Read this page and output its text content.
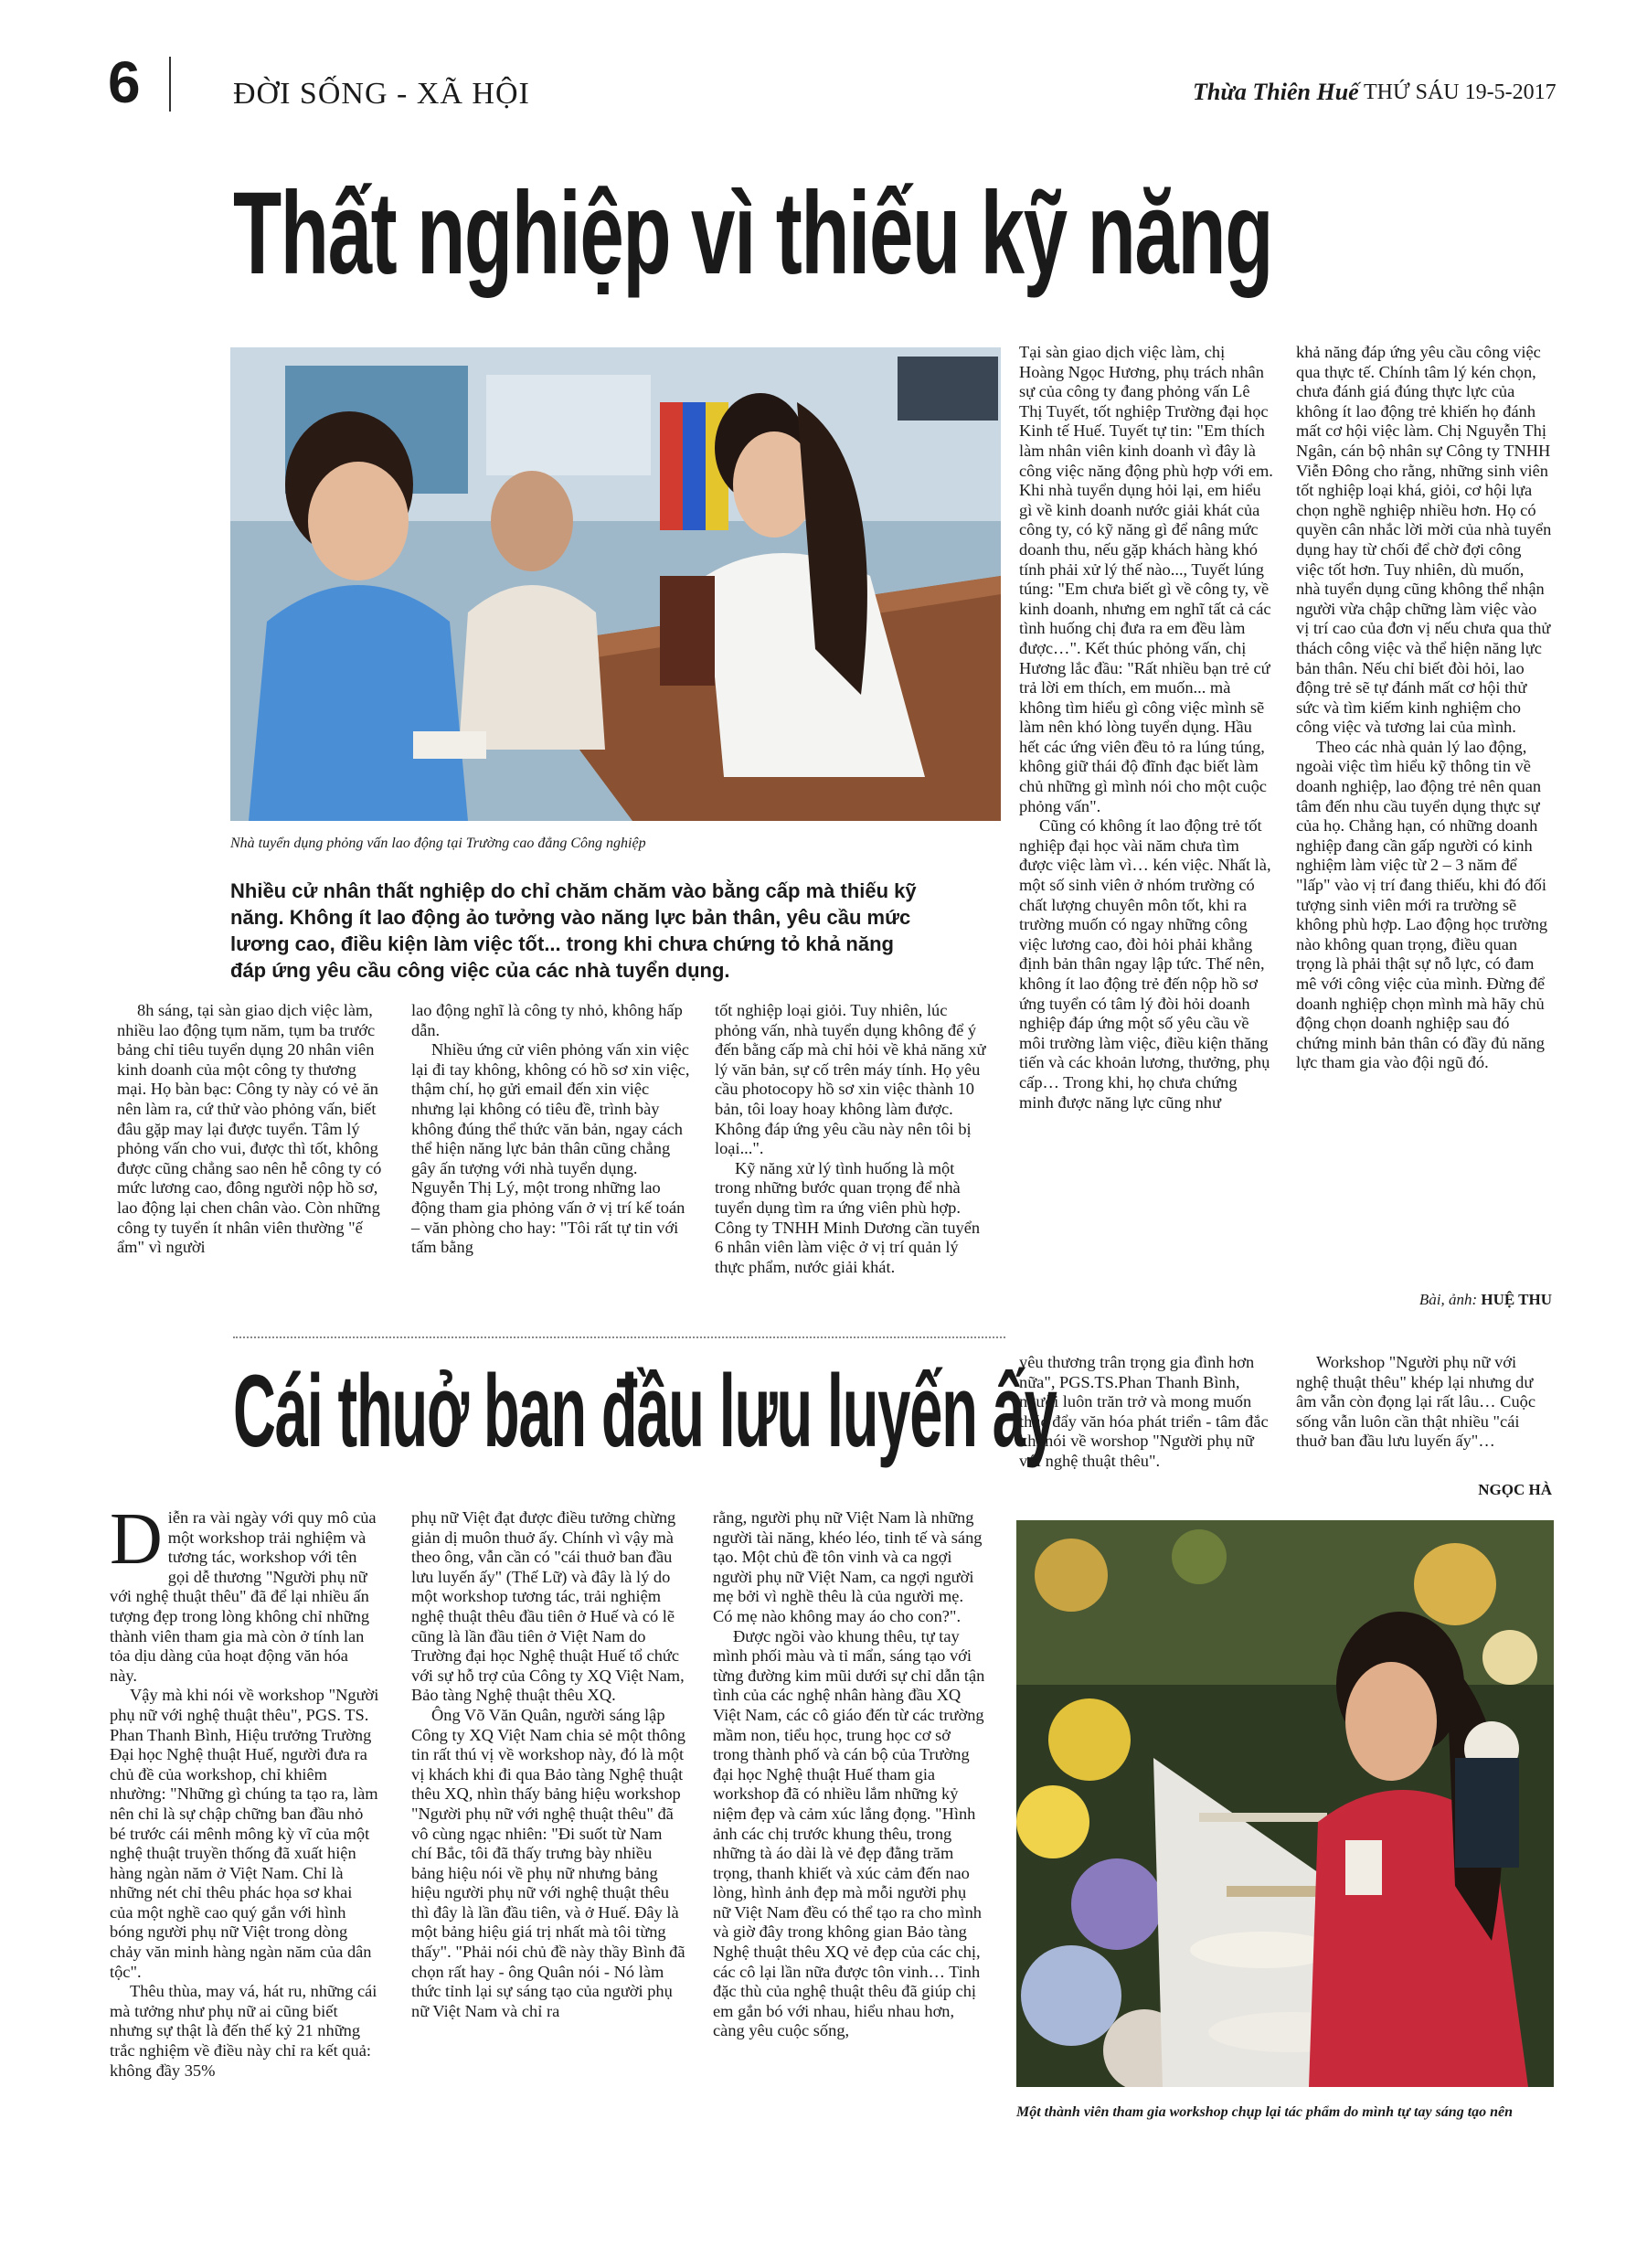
6	ĐỜI SỐNG - XÃ HỘI	Thừa Thiên Huế THỨ SÁU 19-5-2017
Thất nghiệp vì thiếu kỹ năng
Nhà tuyển dụng phỏng vấn lao động tại Trường cao đẳng Công nghiệp
Nhiều cử nhân thất nghiệp do chỉ chăm chăm vào bằng cấp mà thiếu kỹ năng. Không ít lao động ảo tưởng vào năng lực bản thân, yêu cầu mức lương cao, điều kiện làm việc tốt... trong khi chưa chứng tỏ khả năng đáp ứng yêu cầu công việc của các nhà tuyển dụng.

8h sáng, tại sàn giao dịch việc làm, nhiều lao động tụm năm, tụm ba trước bảng chỉ tiêu tuyển dụng 20 nhân viên kinh doanh của một công ty thương mại. Họ bàn bạc: Công ty này có vẻ ăn nên làm ra, cứ thử vào phỏng vấn, biết đâu gặp may lại được tuyển. Tâm lý phỏng vấn cho vui, được thì tốt, không được cũng chẳng sao nên hễ công ty có mức lương cao, đông người nộp hồ sơ, lao động lại chen chân vào. Còn những công ty tuyển ít nhân viên thường "ế ẩm" vì người

lao động nghĩ là công ty nhỏ, không hấp dẫn.

Nhiều ứng cử viên phỏng vấn xin việc lại đi tay không, không có hồ sơ xin việc, thậm chí, họ gửi email đến xin việc nhưng lại không có tiêu đề, trình bày không đúng thể thức văn bản, ngay cách thể hiện năng lực bản thân cũng chẳng gây ấn tượng với nhà tuyển dụng. Nguyễn Thị Lý, một trong những lao động tham gia phỏng vấn ở vị trí kế toán – văn phòng cho hay: "Tôi rất tự tin với tấm bằng

tốt nghiệp loại giỏi. Tuy nhiên, lúc phỏng vấn, nhà tuyển dụng không để ý đến bằng cấp mà chỉ hỏi về khả năng xử lý văn bản, sự cố trên máy tính. Họ yêu cầu photocopy hồ sơ xin việc thành 10 bản, tôi loay hoay không làm được. Không đáp ứng yêu cầu này nên tôi bị loại...".

Kỹ năng xử lý tình huống là một trong những bước quan trọng để nhà tuyển dụng tìm ra ứng viên phù hợp. Công ty TNHH Minh Dương cần tuyển 6 nhân viên làm việc ở vị trí quản lý thực phẩm, nước giải khát.

Tại sàn giao dịch việc làm, chị Hoàng Ngọc Hương, phụ trách nhân sự của công ty đang phỏng vấn Lê Thị Tuyết, tốt nghiệp Trường đại học Kinh tế Huế. Tuyết tự tin: "Em thích làm nhân viên kinh doanh vì đây là công việc năng động phù hợp với em. Khi nhà tuyển dụng hỏi lại, em hiểu gì về kinh doanh nước giải khát của công ty, có kỹ năng gì để nâng mức doanh thu, nếu gặp khách hàng khó tính phải xử lý thế nào..., Tuyết lúng túng: "Em chưa biết gì về công ty, về kinh doanh, nhưng em nghĩ tất cả các tình huống chị đưa ra em đều làm được…". Kết thúc phỏng vấn, chị Hương lắc đầu: "Rất nhiều bạn trẻ cứ trả lời em thích, em muốn... mà không tìm hiểu gì công việc mình sẽ làm nên khó lòng tuyển dụng. Hầu hết các ứng viên đều tỏ ra lúng túng, không giữ thái độ đĩnh đạc biết làm chủ những gì mình nói cho một cuộc phỏng vấn".

Cũng có không ít lao động trẻ tốt nghiệp đại học vài năm chưa tìm được việc làm vì… kén việc. Nhất là, một số sinh viên ở nhóm trường có chất lượng chuyên môn tốt, khi ra trường muốn có ngay những công việc lương cao, đòi hỏi phải khẳng định bản thân ngay lập tức. Thế nên, không ít lao động trẻ đến nộp hồ sơ ứng tuyển có tâm lý đòi hỏi doanh nghiệp đáp ứng một số yêu cầu về môi trường làm việc, điều kiện thăng tiến và các khoản lương, thưởng, phụ cấp… Trong khi, họ chưa chứng minh được năng lực cũng như

khả năng đáp ứng yêu cầu công việc qua thực tế. Chính tâm lý kén chọn, chưa đánh giá đúng thực lực của không ít lao động trẻ khiến họ đánh mất cơ hội việc làm. Chị Nguyễn Thị Ngân, cán bộ nhân sự Công ty TNHH Viễn Đông cho rằng, những sinh viên tốt nghiệp loại khá, giỏi, cơ hội lựa chọn nghề nghiệp nhiều hơn. Họ có quyền cân nhắc lời mời của nhà tuyển dụng hay từ chối để chờ đợi công việc tốt hơn. Tuy nhiên, dù muốn, nhà tuyển dụng cũng không thể nhận người vừa chập chững làm việc vào vị trí cao của đơn vị nếu chưa qua thử thách công việc và thể hiện năng lực bản thân. Nếu chỉ biết đòi hỏi, lao động trẻ sẽ tự đánh mất cơ hội thử sức và tìm kiếm kinh nghiệm cho công việc và tương lai của mình.

Theo các nhà quản lý lao động, ngoài việc tìm hiểu kỹ thông tin về doanh nghiệp, lao động trẻ nên quan tâm đến nhu cầu tuyển dụng thực sự của họ. Chẳng hạn, có những doanh nghiệp đang cần gấp người có kinh nghiệm làm việc từ 2 – 3 năm để "lấp" vào vị trí đang thiếu, khi đó đối tượng sinh viên mới ra trường sẽ không phù hợp. Lao động học trường nào không quan trọng, điều quan trọng là phải thật sự nỗ lực, có đam mê với công việc của mình. Đừng để doanh nghiệp chọn mình mà hãy chủ động chọn doanh nghiệp sau đó chứng minh bản thân có đầy đủ năng lực tham gia vào đội ngũ đó.

Bài, ảnh: HUỆ THU
Cái thuở ban đầu lưu luyến ấy

Diễn ra vài ngày với quy mô của một workshop trải nghiệm và tương tác, workshop với tên gọi dễ thương "Người phụ nữ với nghệ thuật thêu" đã để lại nhiều ấn tượng đẹp trong lòng không chỉ những thành viên tham gia mà còn ở tính lan tỏa dịu dàng của hoạt động văn hóa này.

Vậy mà khi nói về workshop "Người phụ nữ với nghệ thuật thêu", PGS. TS. Phan Thanh Bình, Hiệu trưởng Trường Đại học Nghệ thuật Huế, người đưa ra chủ đề của workshop, chỉ khiêm nhường: "Những gì chúng ta tạo ra, làm nên chỉ là sự chập chững ban đầu nhỏ bé trước cái mênh mông kỳ vĩ của một nghệ thuật truyền thống đã xuất hiện hàng ngàn năm ở Việt Nam. Chỉ là những nét chỉ thêu phác họa sơ khai của một nghề cao quý gắn với hình bóng người phụ nữ Việt trong dòng chảy văn minh hàng ngàn năm của dân tộc".

Thêu thùa, may vá, hát ru, những cái mà tưởng như phụ nữ ai cũng biết nhưng sự thật là đến thế kỷ 21 những trắc nghiệm về điều này chỉ ra kết quả: không đầy 35%

phụ nữ Việt đạt được điều tưởng chừng giản dị muôn thuở ấy. Chính vì vậy mà theo ông, vẫn cần có "cái thuở ban đầu lưu luyến ấy" (Thế Lữ) và đây là lý do một workshop tương tác, trải nghiệm nghệ thuật thêu đầu tiên ở Huế và có lẽ cũng là lần đầu tiên ở Việt Nam do Trường đại học Nghệ thuật Huế tổ chức với sự hỗ trợ của Công ty XQ Việt Nam, Bảo tàng Nghệ thuật thêu XQ.

Ông Võ Văn Quân, người sáng lập Công ty XQ Việt Nam chia sẻ một thông tin rất thú vị về workshop này, đó là một vị khách khi đi qua Bảo tàng Nghệ thuật thêu XQ, nhìn thấy bảng hiệu workshop "Người phụ nữ với nghệ thuật thêu" đã vô cùng ngạc nhiên: "Đi suốt từ Nam chí Bắc, tôi đã thấy trưng bày nhiều bảng hiệu nói về phụ nữ nhưng bảng hiệu người phụ nữ với nghệ thuật thêu thì đây là lần đầu tiên, và ở Huế. Đây là một bảng hiệu giá trị nhất mà tôi từng thấy". "Phải nói chủ đề này thầy Bình đã chọn rất hay - ông Quân nói - Nó làm thức tỉnh lại sự sáng tạo của người phụ nữ Việt Nam và chỉ ra

rằng, người phụ nữ Việt Nam là những người tài năng, khéo léo, tinh tế và sáng tạo. Một chủ đề tôn vinh và ca ngợi người phụ nữ Việt Nam, ca ngợi người mẹ bởi vì nghề thêu là của người mẹ. Có mẹ nào không may áo cho con?".

Được ngồi vào khung thêu, tự tay mình phối màu và tỉ mẩn, sáng tạo với từng đường kim mũi dưới sự chỉ dẫn tận tình của các nghệ nhân hàng đầu XQ Việt Nam, các cô giáo đến từ các trường mầm non, tiểu học, trung học cơ sở trong thành phố và cán bộ của Trường đại học Nghệ thuật Huế tham gia workshop đã có nhiều lắm những kỷ niệm đẹp và cảm xúc lắng đọng. "Hình ảnh các chị trước khung thêu, trong những tà áo dài là vẻ đẹp đằng trăm trọng, thanh khiết và xúc cảm đến nao lòng, hình ảnh đẹp mà mỗi người phụ nữ Việt Nam đều có thể tạo ra cho mình và giờ đây trong không gian Bảo tàng Nghệ thuật thêu XQ vẻ đẹp của các chị, các cô lại lần nữa được tôn vinh… Tinh đặc thù của nghệ thuật thêu đã giúp chị em gắn bó với nhau, hiểu nhau hơn, càng yêu cuộc sống,

yêu thương trân trọng gia đình hơn nữa", PGS.TS.Phan Thanh Bình, người luôn trăn trở và mong muốn thúc đẩy văn hóa phát triển - tâm đắc khi nói về worshop "Người phụ nữ với nghệ thuật thêu".

Workshop "Người phụ nữ với nghệ thuật thêu" khép lại nhưng dư âm vẫn còn đọng lại rất lâu… Cuộc sống vẫn luôn cần thật nhiều "cái thuở ban đầu lưu luyến ấy"…

NGỌC HÀ
Một thành viên tham gia workshop chụp lại tác phẩm do mình tự tay sáng tạo nên
